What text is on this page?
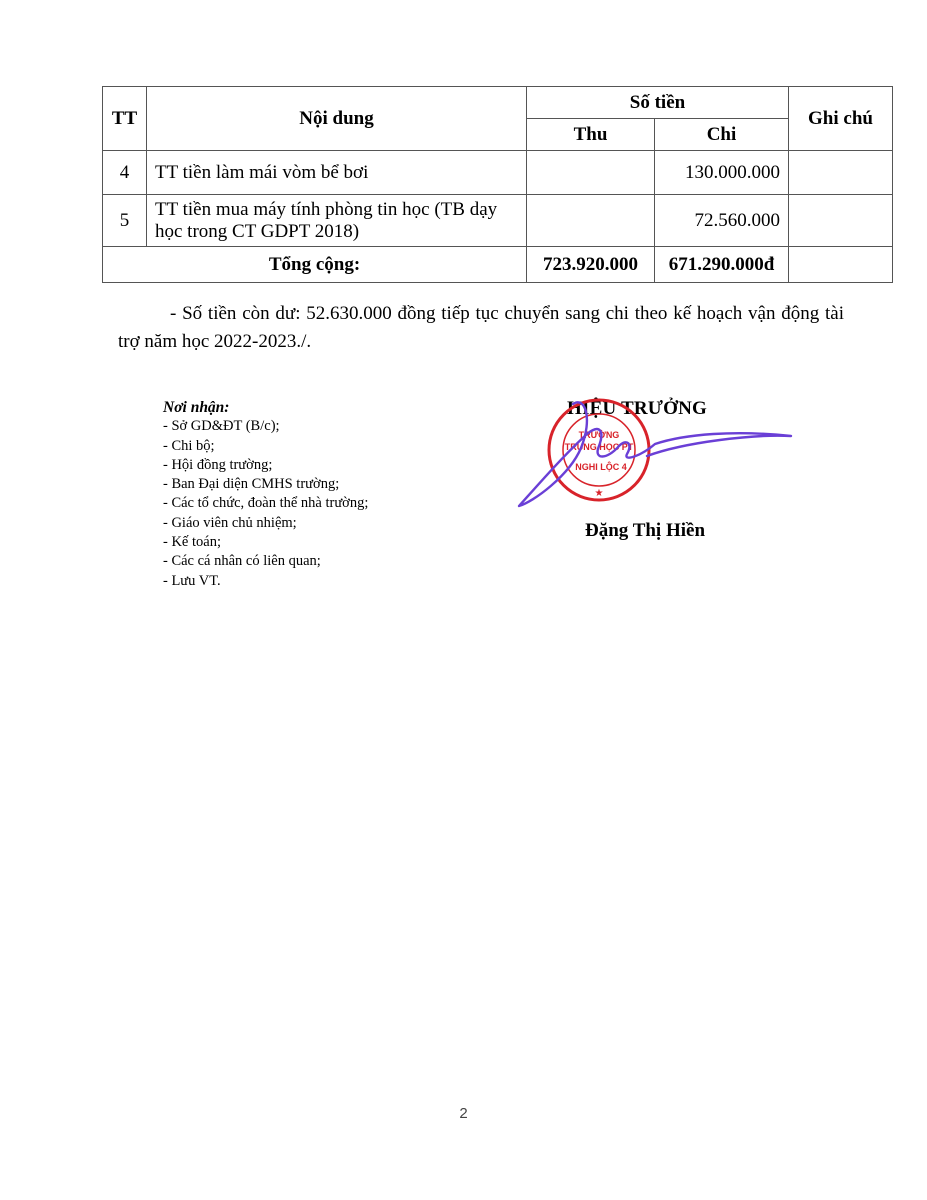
TT	Nội dung	Số tiền		Ghi chú
		Thu	Chi	
4	TT tiền làm mái vòm bể bơi		130.000.000	
5	TT tiền mua máy tính phòng tin học (TB dạy học trong CT GDPT 2018)		72.560.000	
Tổng cộng:		723.920.000	671.290.000đ	

- Số tiền còn dư: 52.630.000 đồng tiếp tục chuyển sang chi theo kế hoạch vận động tài trợ năm học 2022-2023./.

Nơi nhận:
- Sở GD&ĐT (B/c);
- Chi bộ;
- Hội đồng trường;
- Ban Đại diện CMHS trường;
- Các tổ chức, đoàn thể nhà trường;
- Giáo viên chủ nhiệm;
- Kế toán;
- Các cá nhân có liên quan;
- Lưu VT.
HIỆU TRƯỞNG
TRƯỜNG
TRUNG HỌC PT
NGHI LỘC 4
★
Đặng Thị Hiền
2
